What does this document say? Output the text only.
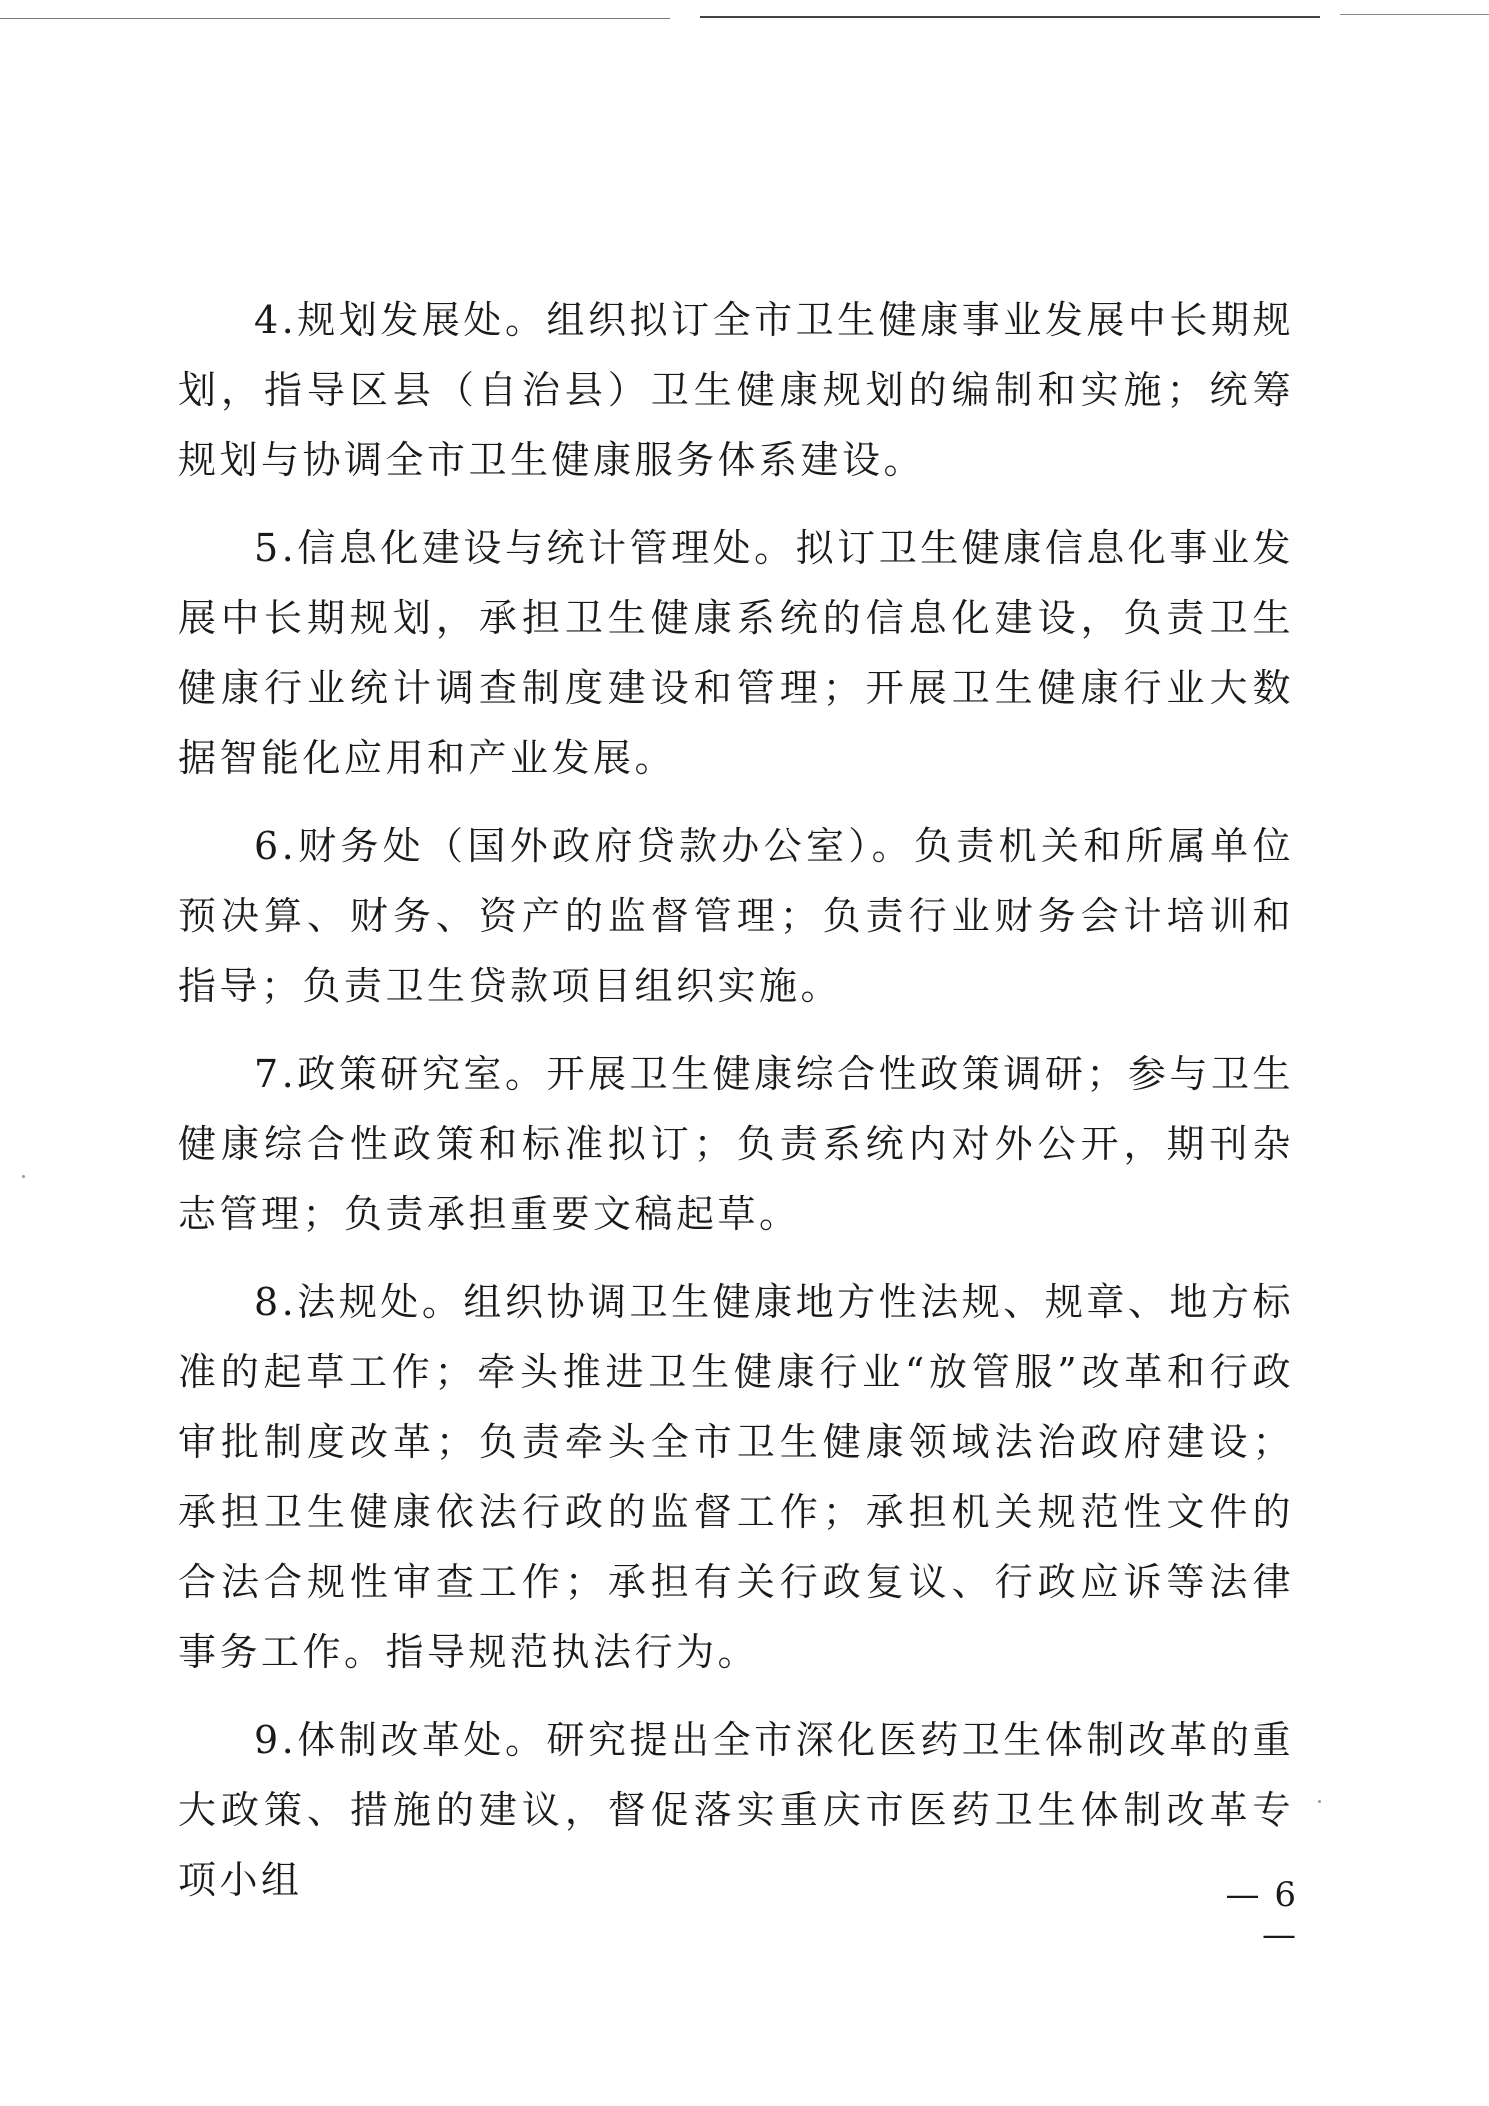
4.规划发展处。组织拟订全市卫生健康事业发展中长期规划，指导区县（自治县）卫生健康规划的编制和实施；统筹规划与协调全市卫生健康服务体系建设。

5.信息化建设与统计管理处。拟订卫生健康信息化事业发展中长期规划，承担卫生健康系统的信息化建设，负责卫生健康行业统计调查制度建设和管理；开展卫生健康行业大数据智能化应用和产业发展。

6.财务处（国外政府贷款办公室）。负责机关和所属单位预决算、财务、资产的监督管理；负责行业财务会计培训和指导；负责卫生贷款项目组织实施。

7.政策研究室。开展卫生健康综合性政策调研；参与卫生健康综合性政策和标准拟订；负责系统内对外公开，期刊杂志管理；负责承担重要文稿起草。

8.法规处。组织协调卫生健康地方性法规、规章、地方标准的起草工作；牵头推进卫生健康行业“放管服”改革和行政审批制度改革；负责牵头全市卫生健康领域法治政府建设；承担卫生健康依法行政的监督工作；承担机关规范性文件的合法合规性审查工作；承担有关行政复议、行政应诉等法律事务工作。指导规范执法行为。

9.体制改革处。研究提出全市深化医药卫生体制改革的重大政策、措施的建议，督促落实重庆市医药卫生体制改革专项小组	— 6 —
